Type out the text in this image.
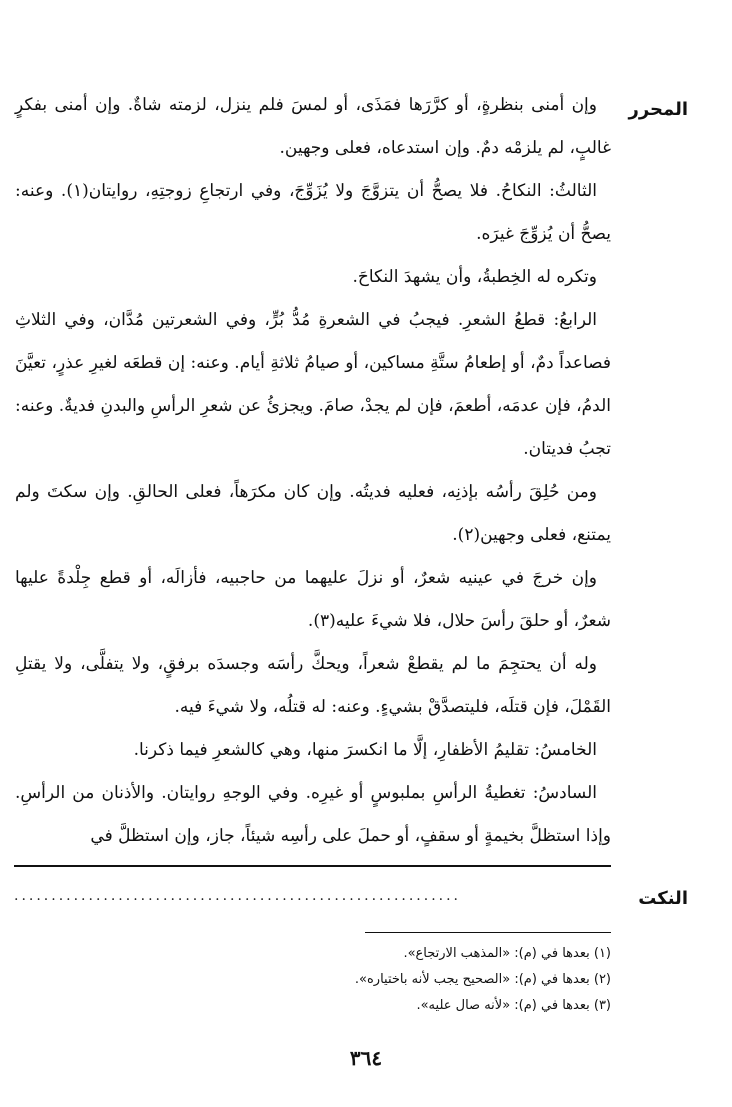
المحرر

وإن أمنى بنظرةٍ، أو كرَّرَها فمَذَى، أو لمسَ فلم ينزل، لزمته شاةٌ. وإن أمنى بفكرٍ غالبٍ، لم يلزمْه دمٌ. وإن استدعاه، فعلى وجهين.

الثالثُ: النكاحُ. فلا يصحُّ أن يتزوَّجَ ولا يُزَوِّجَ، وفي ارتجاعِ زوجتِهِ، روايتان(١). وعنه: يصحُّ أن يُزوِّجَ غيرَه.

وتكره له الخِطبةُ، وأن يشهدَ النكاحَ.

الرابعُ: قطعُ الشعرِ. فيجبُ في الشعرةِ مُدُّ بُرٍّ، وفي الشعرتين مُدَّان، وفي الثلاثِ فصاعداً دمٌ، أو إطعامُ ستَّةِ مساكين، أو صيامُ ثلاثةِ أيام. وعنه: إن قطعَه لغيرِ عذرٍ، تعيَّنَ الدمُ، فإن عدمَه، أطعمَ، فإن لم يجدْ، صامَ. ويجزئُ عن شعرِ الرأسِ والبدنِ فديةٌ. وعنه: تجبُ فديتان.

ومن حُلِقَ رأسُه بإذنِه، فعليه فديتُه. وإن كان مكرَهاً، فعلى الحالقِ. وإن سكتَ ولم يمتنع، فعلى وجهين(٢).

وإن خرجَ في عينيه شعرٌ، أو نزلَ عليهما من حاجبيه، فأزالَه، أو قطع جِلْدةً عليها شعرٌ، أو حلقَ رأسَ حلال، فلا شيءَ عليه(٣).

وله أن يحتجِمَ ما لم يقطعْ شعراً، ويحكَّ رأسَه وجسدَه برفقٍ، ولا يتفلَّى، ولا يقتلِ القَمْلَ، فإن قتلَه، فليتصدَّقْ بشيءٍ. وعنه: له قتلُه، ولا شيءَ فيه.

الخامسُ: تقليمُ الأظفارِ، إلَّا ما انكسرَ منها، وهي كالشعرِ فيما ذكرنا.

السادسُ: تغطيةُ الرأسِ بملبوسٍ أو غيرِه. وفي الوجهِ روايتان. والأذنان من الرأسِ. وإذا استظلَّ بخيمةٍ أو سقفٍ، أو حملَ على رأسِه شيئاً، جاز، وإن استظلَّ في

النكت
............................................................
(١) بعدها في (م): «المذهب الارتجاع».
(٢) بعدها في (م): «الصحيح يجب لأنه باختياره».
(٣) بعدها في (م): «لأنه صال عليه».
٣٦٤
